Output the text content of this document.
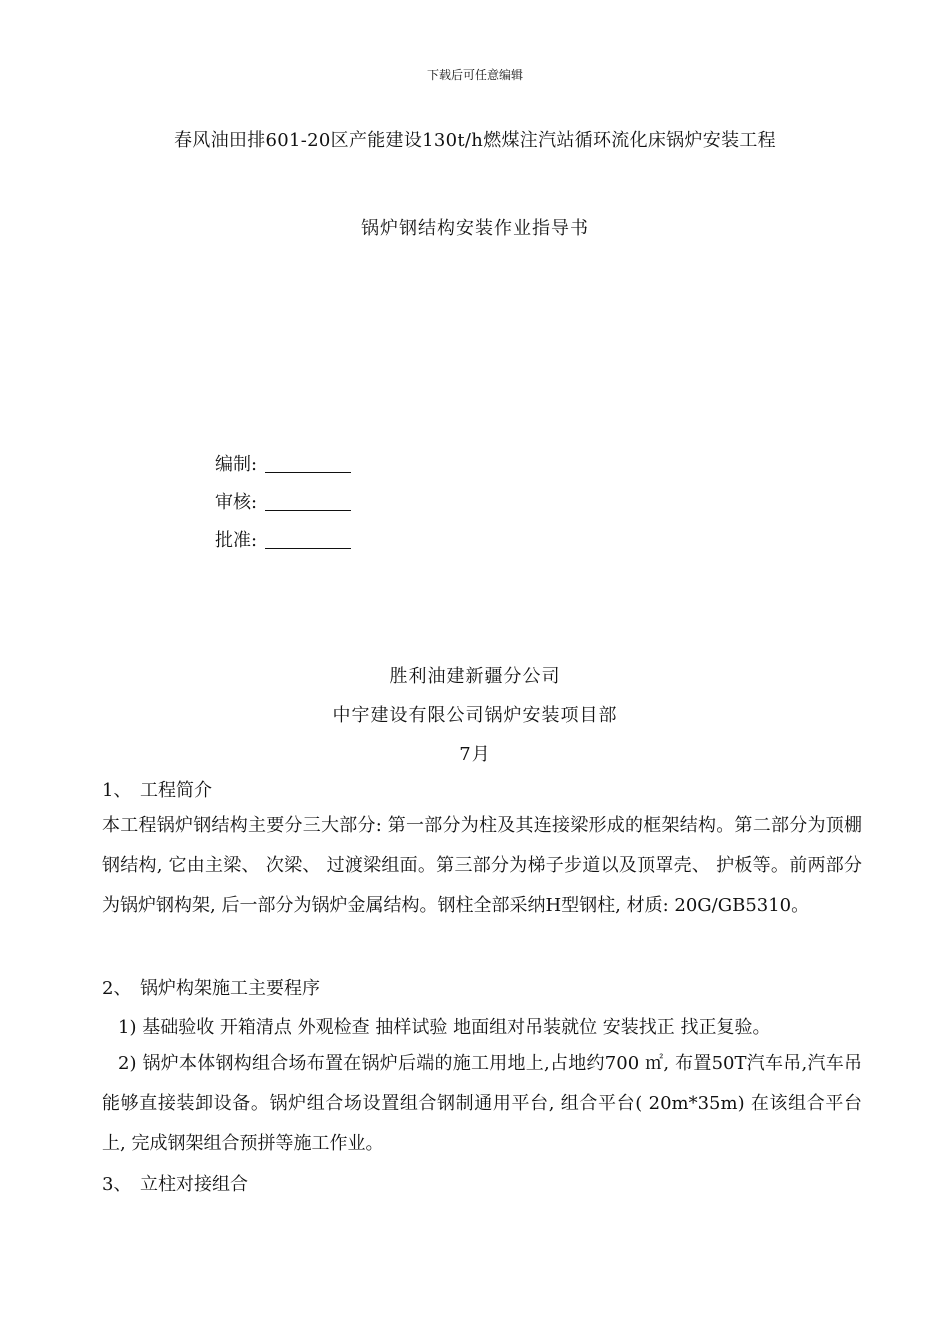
下载后可任意编辑
春风油田排601-20区产能建设130t/h燃煤注汽站循环流化床锅炉安装工程
锅炉钢结构安装作业指导书
编制:
审核:
批准:
胜利油建新疆分公司
中宇建设有限公司锅炉安装项目部
7月
1、 工程简介
本工程锅炉钢结构主要分三大部分: 第一部分为柱及其连接梁形成的框架结构。第二部分为顶棚钢结构, 它由主梁、 次梁、 过渡梁组面。第三部分为梯子步道以及顶罩壳、 护板等。前两部分为锅炉钢构架, 后一部分为锅炉金属结构。钢柱全部采纳H型钢柱, 材质: 20G/GB5310。
2、 锅炉构架施工主要程序
1) 基础验收 开箱清点 外观检查 抽样试验 地面组对吊装就位 安装找正 找正复验。
2) 锅炉本体钢构组合场布置在锅炉后端的施工用地上,占地约700 ㎡, 布置50T汽车吊,汽车吊能够直接装卸设备。锅炉组合场设置组合钢制通用平台, 组合平台( 20m*35m) 在该组合平台上, 完成钢架组合预拼等施工作业。
3、 立柱对接组合
